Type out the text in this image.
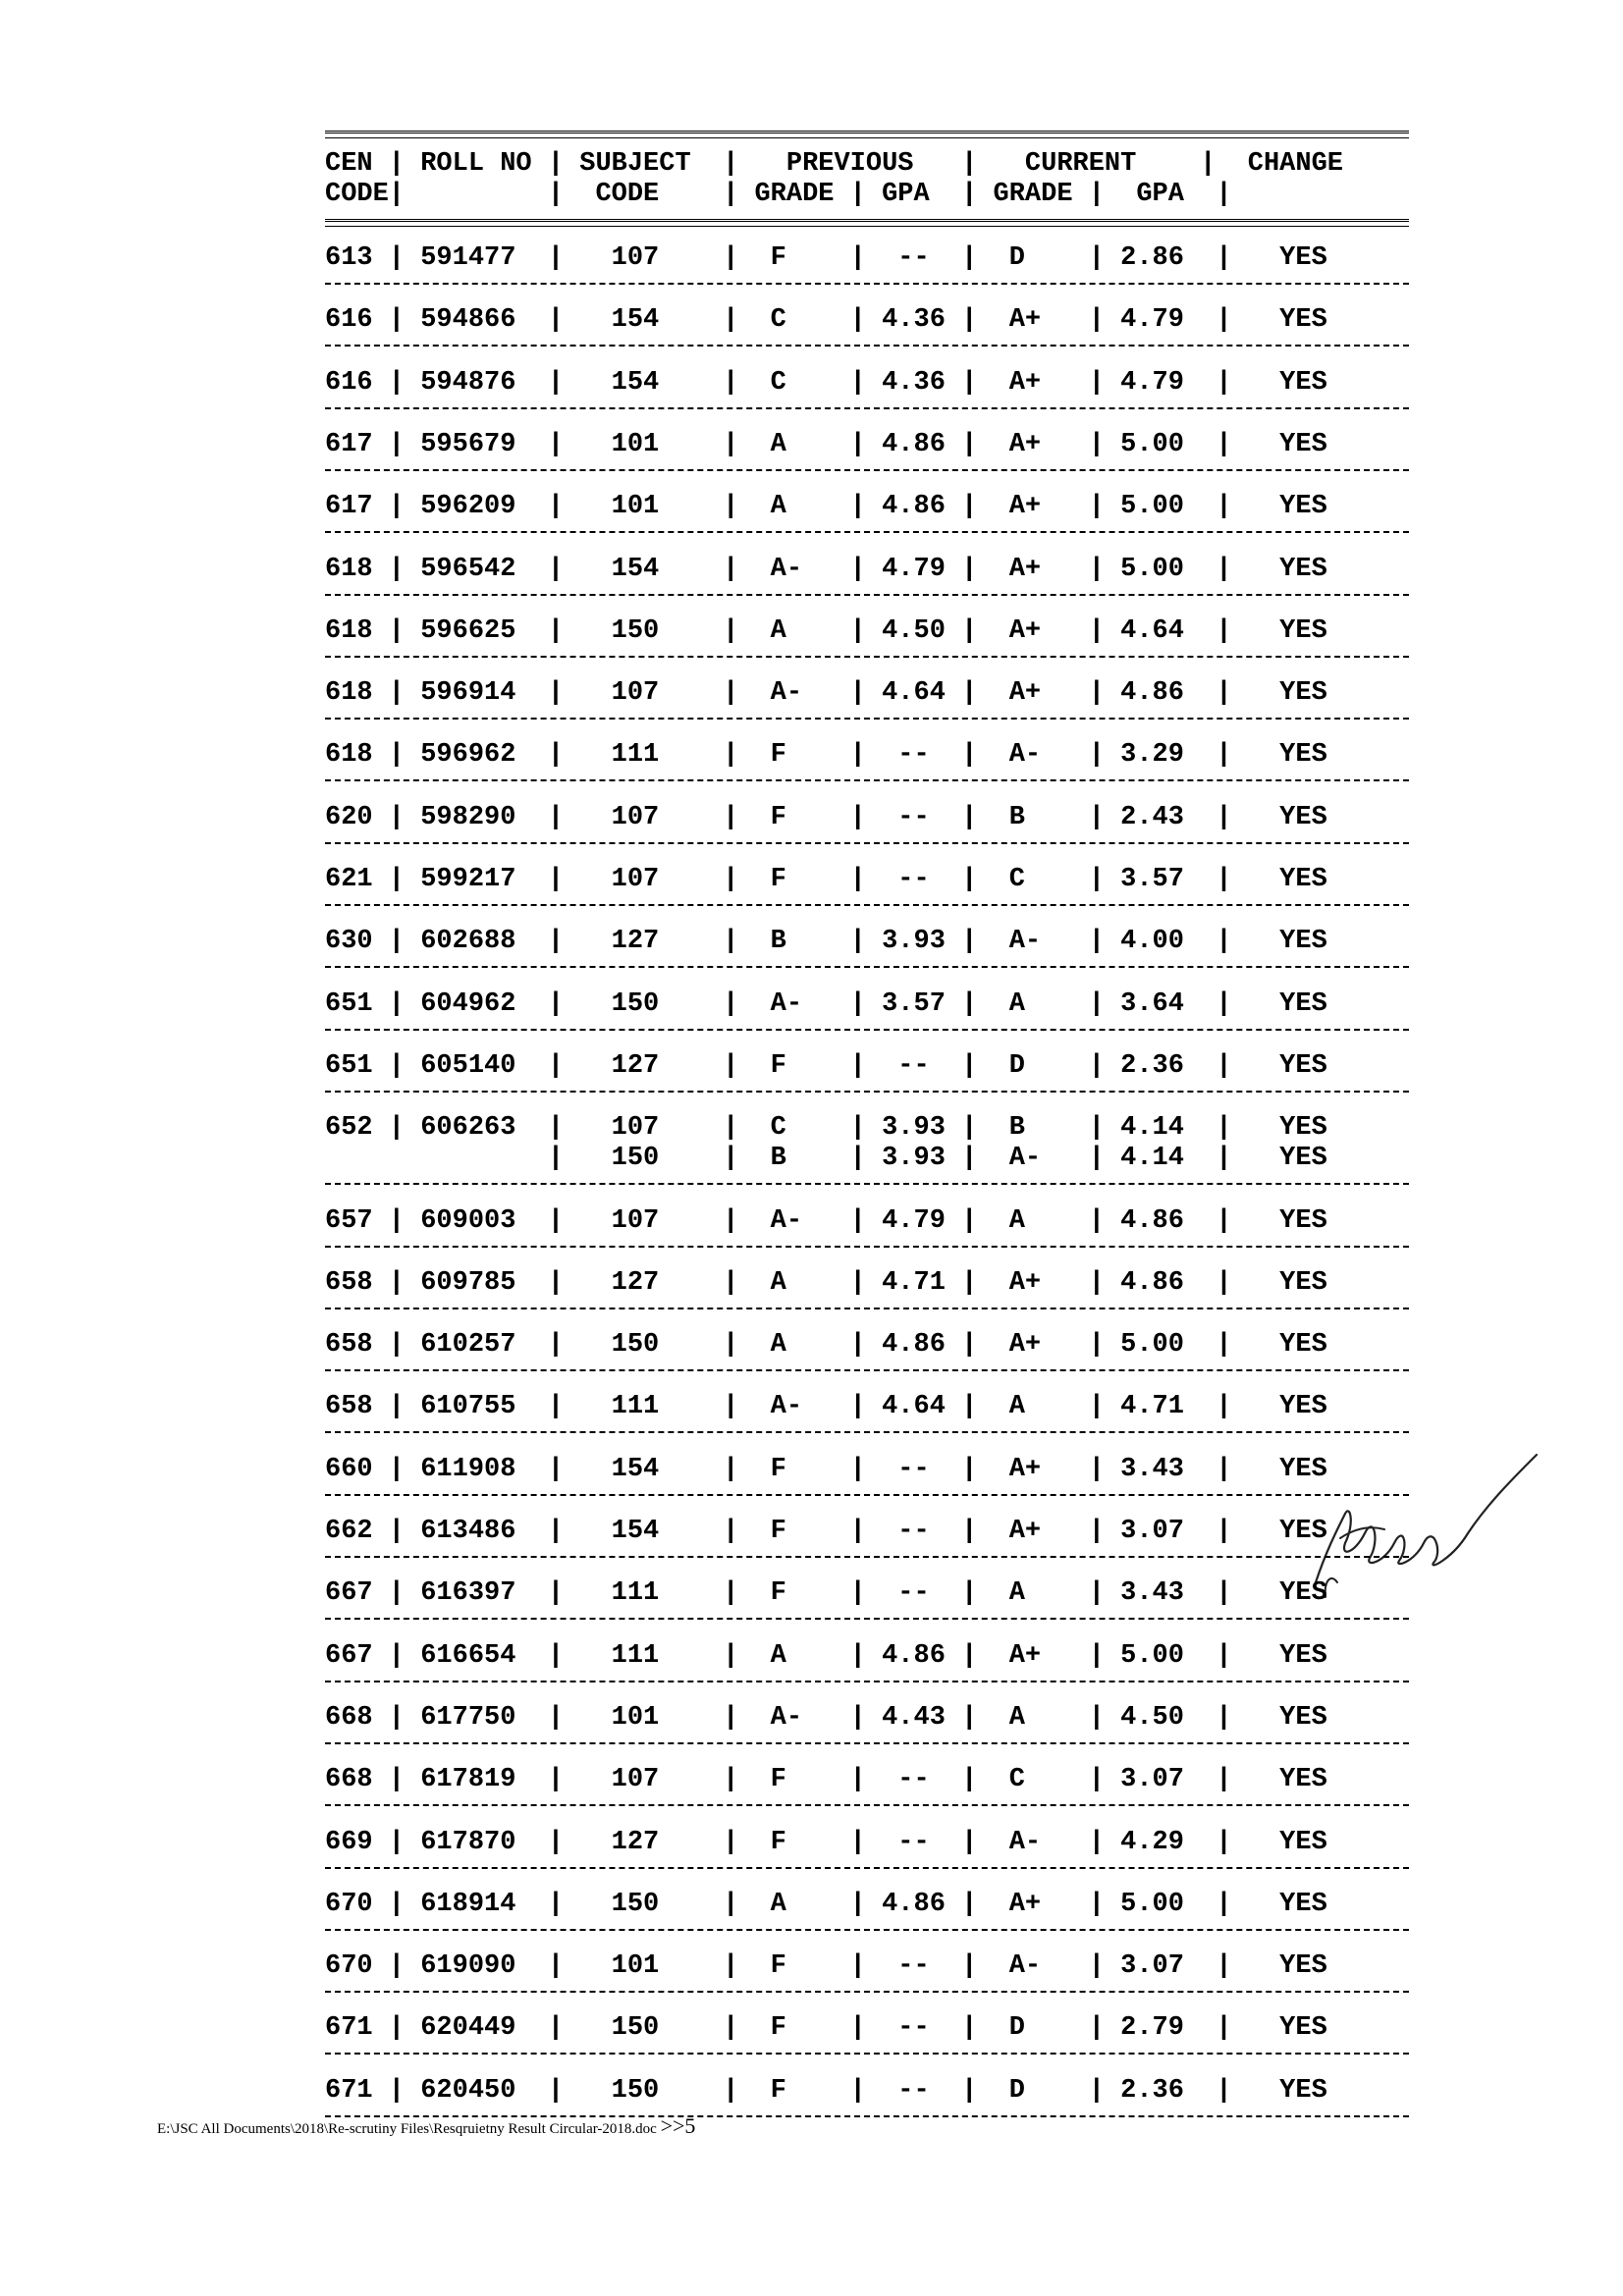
CEN | ROLL NO | SUBJECT  |   PREVIOUS   |   CURRENT    |  CHANGE
CODE|         |  CODE    | GRADE | GPA  | GRADE |  GPA  |
E:\JSC All Documents\2018\Re-scrutiny Files\Resqruietny Result Circular-2018.doc >>5
613 | 591477  |   107    |  F    |  --  |  D    | 2.86  |   YES
616 | 594866  |   154    |  C    | 4.36 |  A+   | 4.79  |   YES
616 | 594876  |   154    |  C    | 4.36 |  A+   | 4.79  |   YES
617 | 595679  |   101    |  A    | 4.86 |  A+   | 5.00  |   YES
617 | 596209  |   101    |  A    | 4.86 |  A+   | 5.00  |   YES
618 | 596542  |   154    |  A-   | 4.79 |  A+   | 5.00  |   YES
618 | 596625  |   150    |  A    | 4.50 |  A+   | 4.64  |   YES
618 | 596914  |   107    |  A-   | 4.64 |  A+   | 4.86  |   YES
618 | 596962  |   111    |  F    |  --  |  A-   | 3.29  |   YES
620 | 598290  |   107    |  F    |  --  |  B    | 2.43  |   YES
621 | 599217  |   107    |  F    |  --  |  C    | 3.57  |   YES
630 | 602688  |   127    |  B    | 3.93 |  A-   | 4.00  |   YES
651 | 604962  |   150    |  A-   | 3.57 |  A    | 3.64  |   YES
651 | 605140  |   127    |  F    |  --  |  D    | 2.36  |   YES
652 | 606263  |   107    |  C    | 3.93 |  B    | 4.14  |   YES
|   150    |  B    | 3.93 |  A-   | 4.14  |   YES
657 | 609003  |   107    |  A-   | 4.79 |  A    | 4.86  |   YES
658 | 609785  |   127    |  A    | 4.71 |  A+   | 4.86  |   YES
658 | 610257  |   150    |  A    | 4.86 |  A+   | 5.00  |   YES
658 | 610755  |   111    |  A-   | 4.64 |  A    | 4.71  |   YES
660 | 611908  |   154    |  F    |  --  |  A+   | 3.43  |   YES
662 | 613486  |   154    |  F    |  --  |  A+   | 3.07  |   YES
667 | 616397  |   111    |  F    |  --  |  A    | 3.43  |   YES
667 | 616654  |   111    |  A    | 4.86 |  A+   | 5.00  |   YES
668 | 617750  |   101    |  A-   | 4.43 |  A    | 4.50  |   YES
668 | 617819  |   107    |  F    |  --  |  C    | 3.07  |   YES
669 | 617870  |   127    |  F    |  --  |  A-   | 4.29  |   YES
670 | 618914  |   150    |  A    | 4.86 |  A+   | 5.00  |   YES
670 | 619090  |   101    |  F    |  --  |  A-   | 3.07  |   YES
671 | 620449  |   150    |  F    |  --  |  D    | 2.79  |   YES
671 | 620450  |   150    |  F    |  --  |  D    | 2.36  |   YES
